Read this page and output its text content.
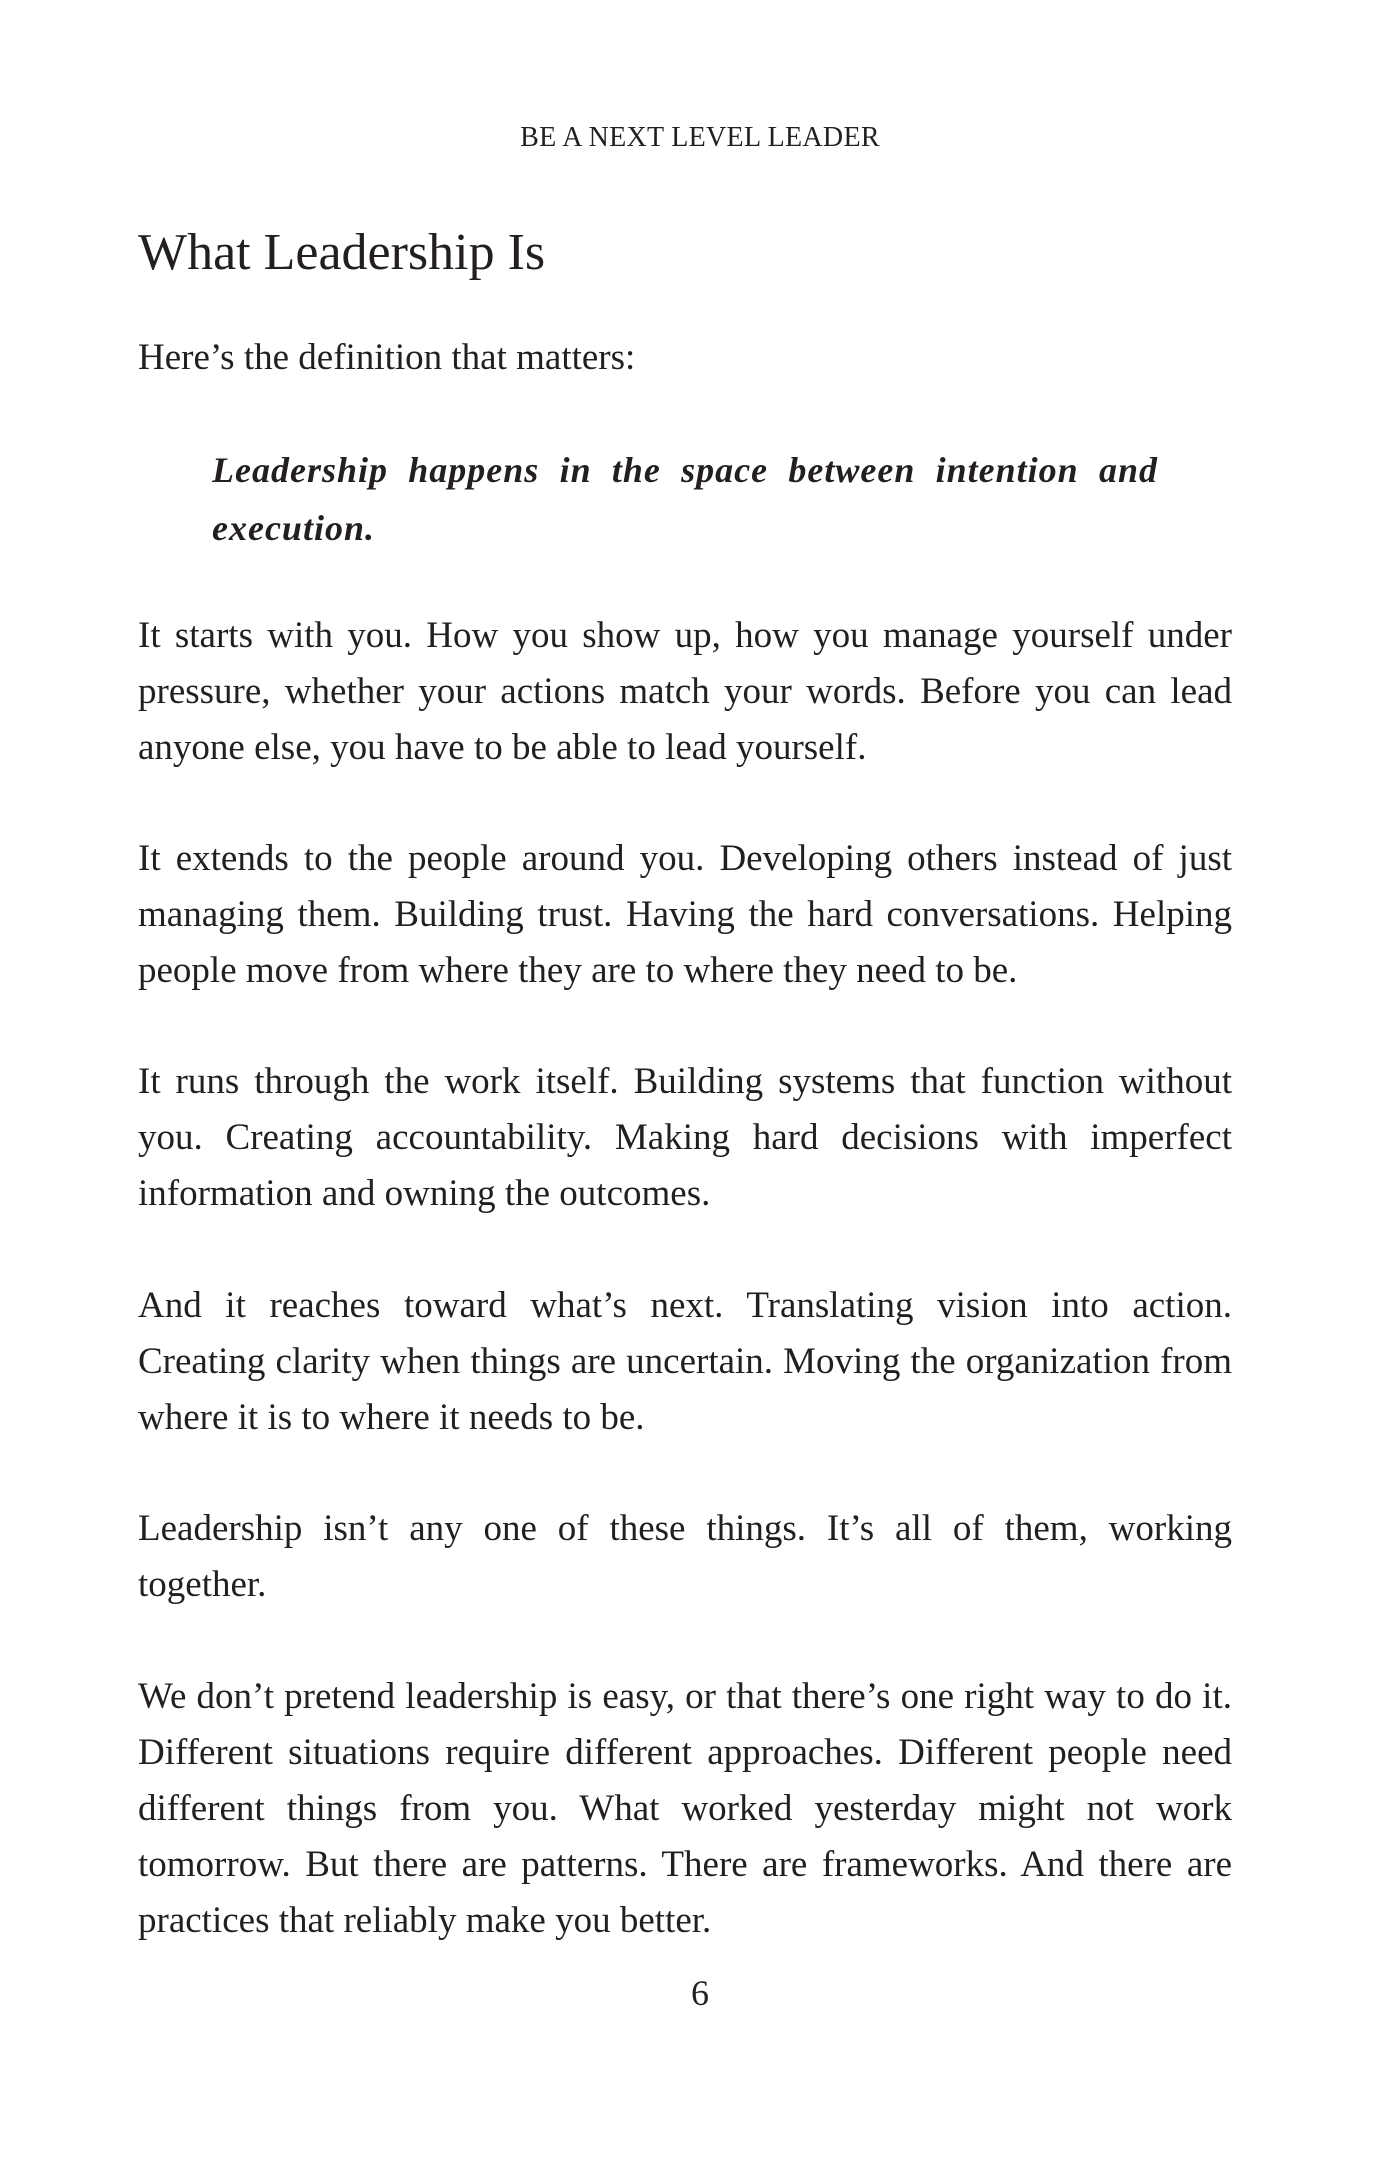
BE A NEXT LEVEL LEADER
What Leadership Is

Here’s the definition that matters:

Leadership happens in the space between intention and execution.

It starts with you. How you show up, how you manage yourself under pressure, whether your actions match your words. Before you can lead anyone else, you have to be able to lead yourself.

It extends to the people around you. Developing others instead of just managing them. Building trust. Having the hard conversations. Helping people move from where they are to where they need to be.

It runs through the work itself. Building systems that function without you. Creating accountability. Making hard decisions with imperfect information and owning the outcomes.

And it reaches toward what’s next. Translating vision into action. Creating clarity when things are uncertain. Moving the organization from where it is to where it needs to be.

Leadership isn’t any one of these things. It’s all of them, working together.

We don’t pretend leadership is easy, or that there’s one right way to do it. Different situations require different approaches. Different people need different things from you. What worked yesterday might not work tomorrow. But there are patterns. There are frameworks. And there are practices that reliably make you better.

6
